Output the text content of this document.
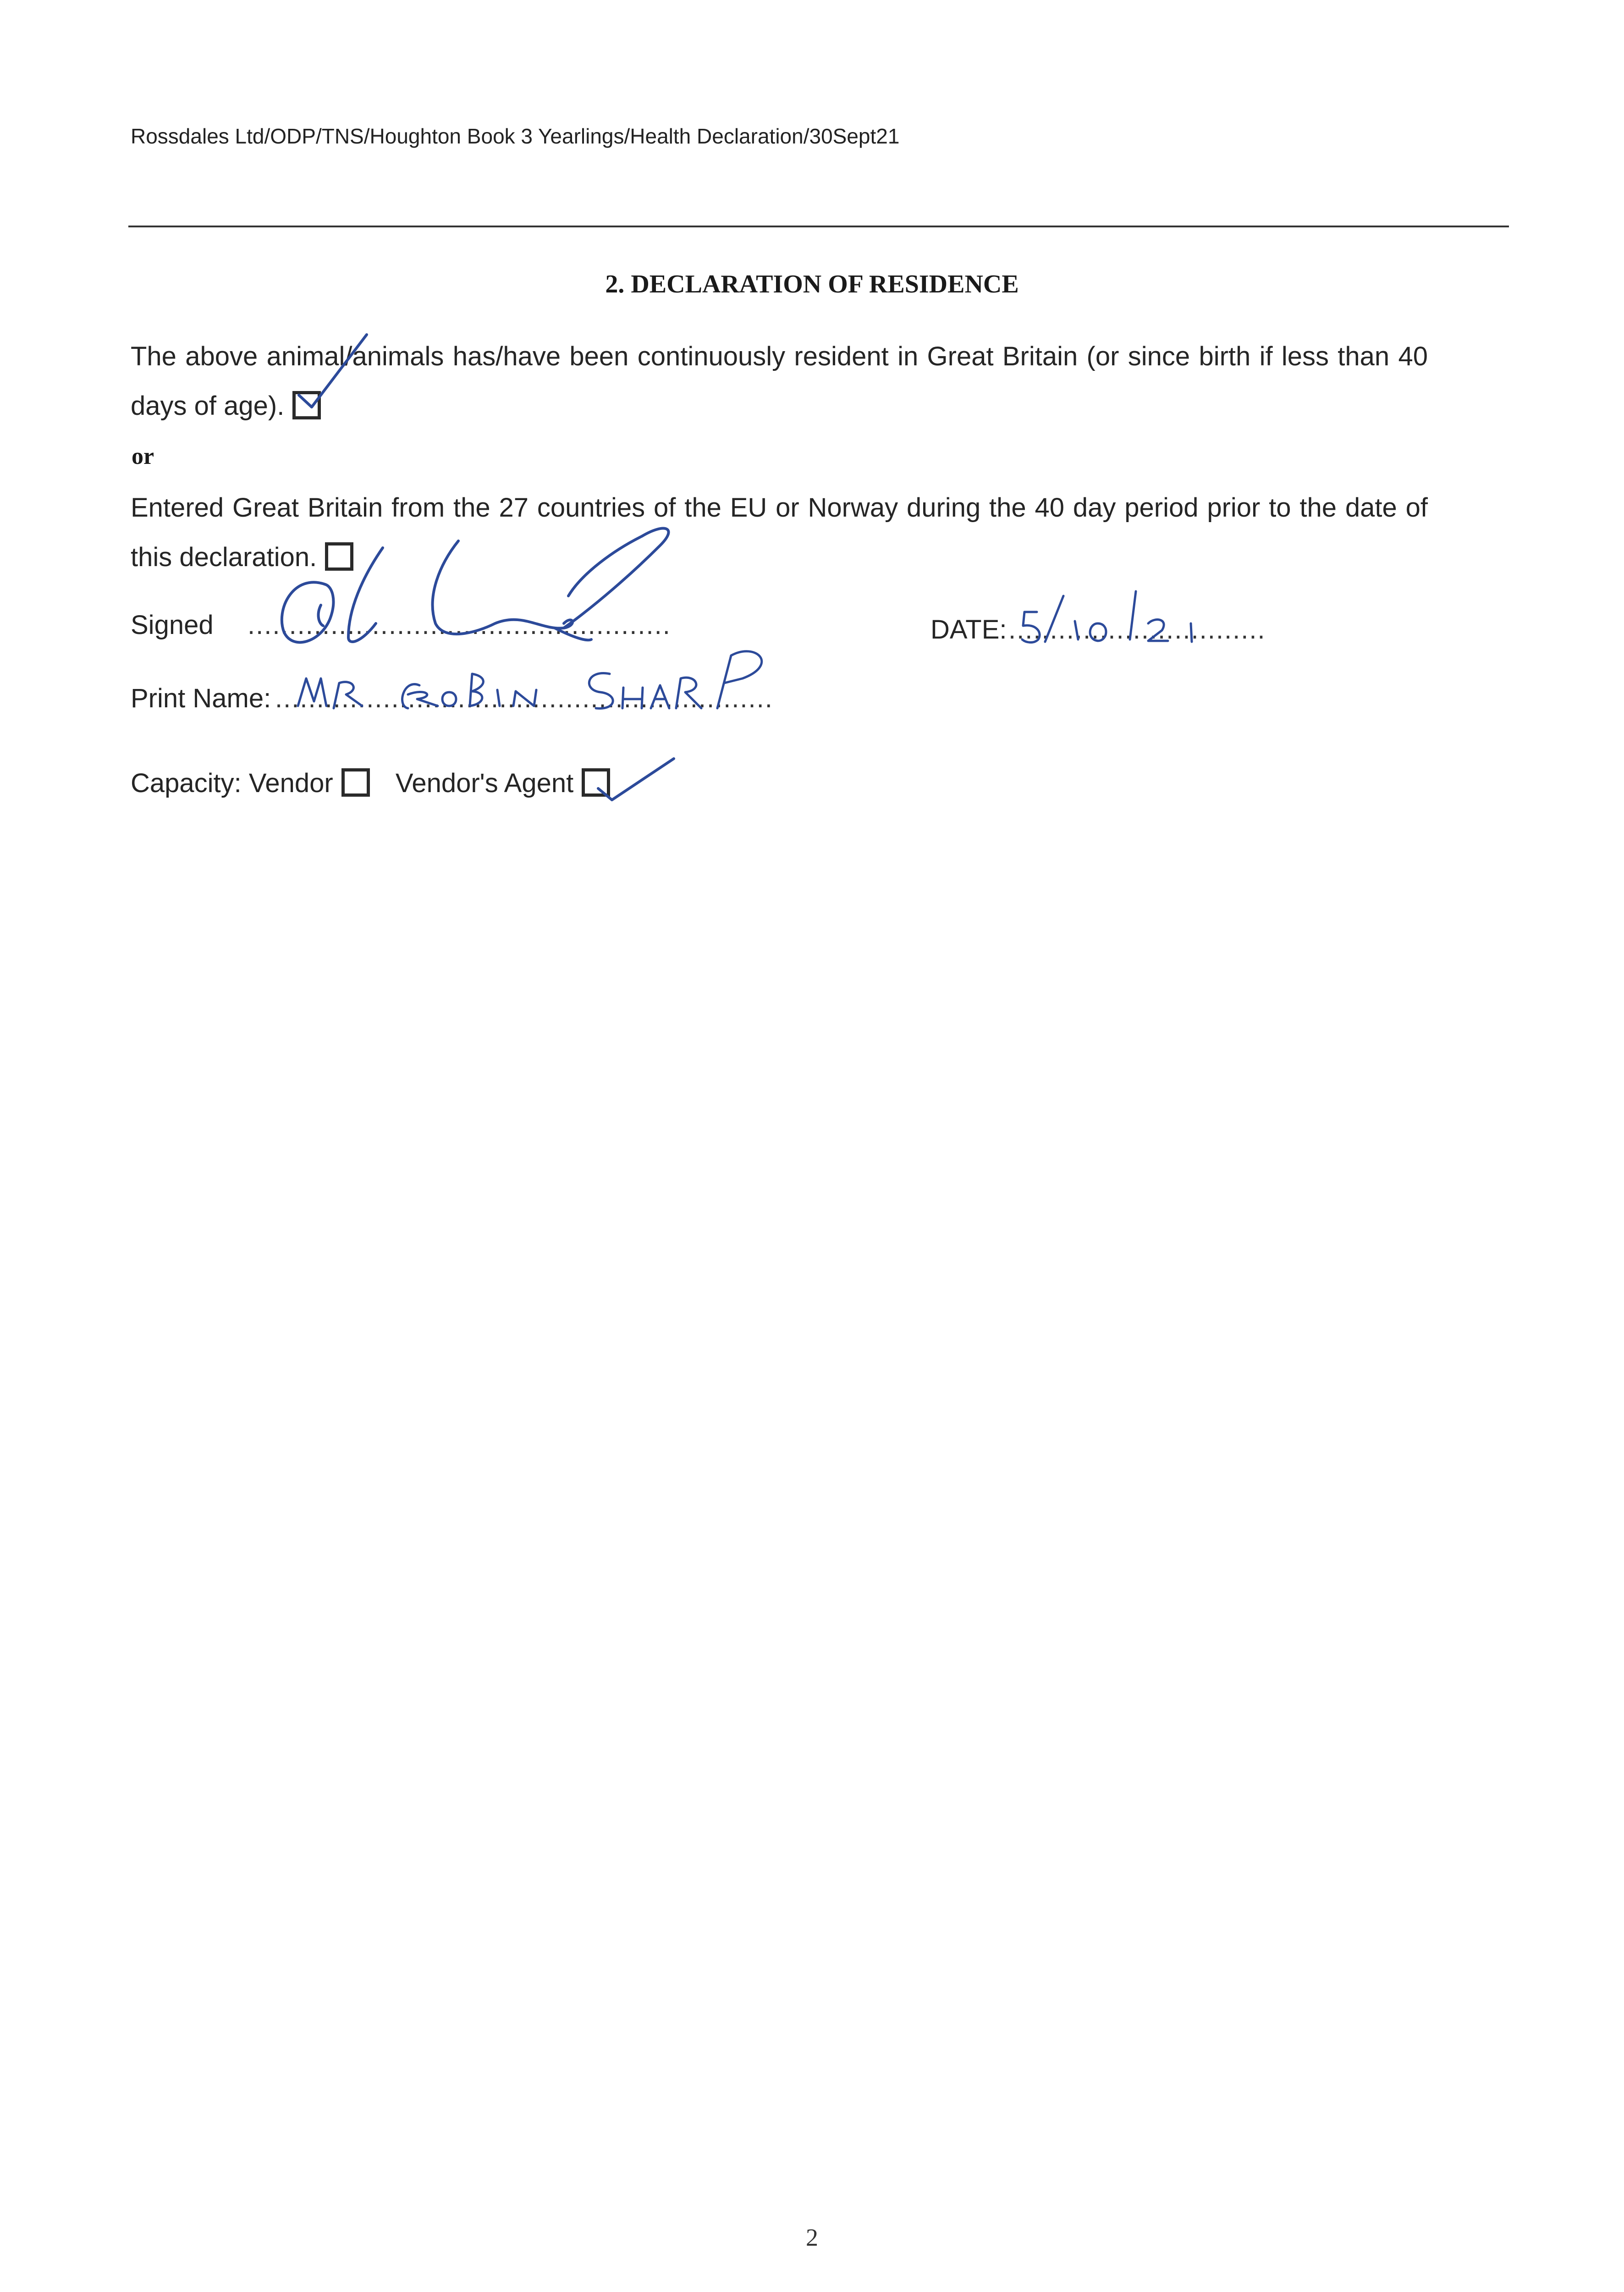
Rossdales Ltd/ODP/TNS/Houghton Book 3 Yearlings/Health Declaration/30Sept21
2. DECLARATION OF RESIDENCE
The above animal/animals has/have been continuously resident in Great Britain (or since birth if less than 40 days of age).
or
Entered Great Britain from the 27 countries of the EU or Norway during the 40 day period prior to the date of this declaration.
Signed ...................................................	DATE: ...............................
Print Name: ............................................................
Capacity: Vendor Vendor's Agent
2
